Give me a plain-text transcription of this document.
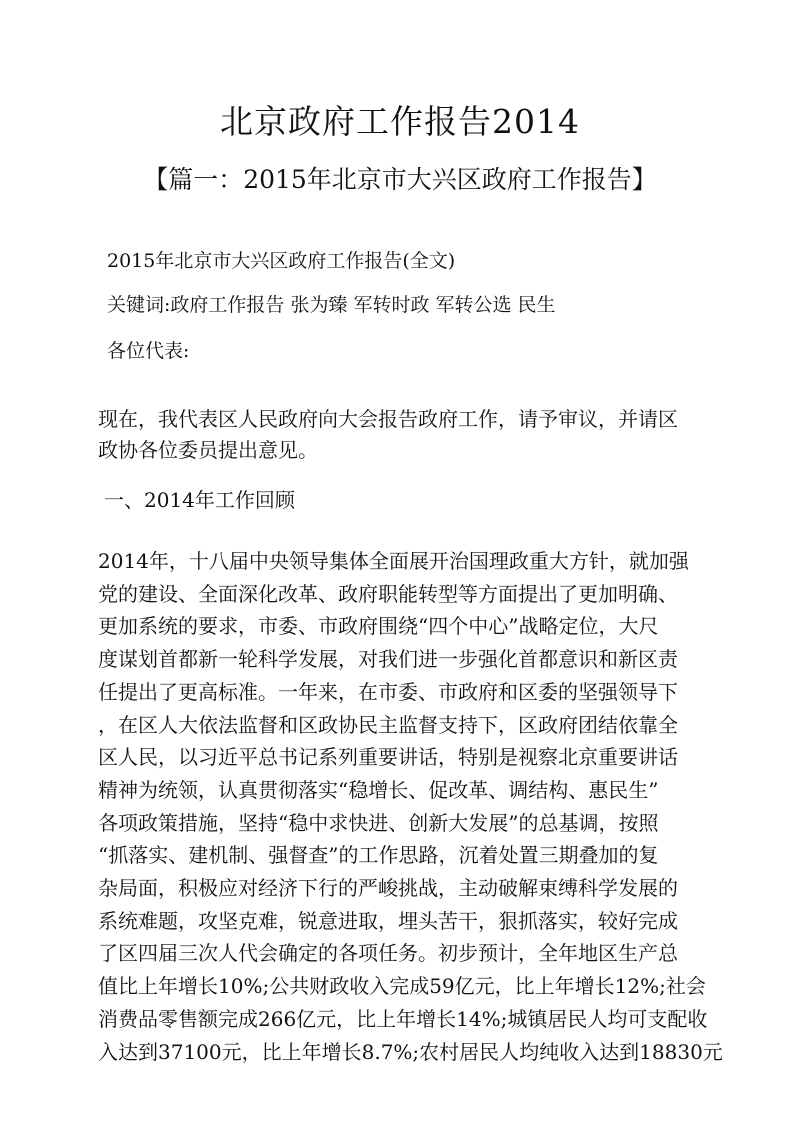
北京政府工作报告2014
【篇一：2015年北京市大兴区政府工作报告】
2015年北京市大兴区政府工作报告(全文)
关键词:政府工作报告 张为臻 军转时政 军转公选 民生
各位代表:
现在，我代表区人民政府向大会报告政府工作，请予审议，并请区
政协各位委员提出意见。
一、2014年工作回顾
2014年，十八届中央领导集体全面展开治国理政重大方针，就加强
党的建设、全面深化改革、政府职能转型等方面提出了更加明确、
更加系统的要求，市委、市政府围绕“四个中心”战略定位，大尺
度谋划首都新一轮科学发展，对我们进一步强化首都意识和新区责
任提出了更高标准。一年来，在市委、市政府和区委的坚强领导下
，在区人大依法监督和区政协民主监督支持下，区政府团结依靠全
区人民，以习近平总书记系列重要讲话，特别是视察北京重要讲话
精神为统领，认真贯彻落实“稳增长、促改革、调结构、惠民生”
各项政策措施，坚持“稳中求快进、创新大发展”的总基调，按照
“抓落实、建机制、强督查”的工作思路，沉着处置三期叠加的复
杂局面，积极应对经济下行的严峻挑战，主动破解束缚科学发展的
系统难题，攻坚克难，锐意进取，埋头苦干，狠抓落实，较好完成
了区四届三次人代会确定的各项任务。初步预计，全年地区生产总
值比上年增长10%;公共财政收入完成59亿元，比上年增长12%;社会
消费品零售额完成266亿元，比上年增长14%;城镇居民人均可支配收
入达到37100元，比上年增长8.7%;农村居民人均纯收入达到18830元
